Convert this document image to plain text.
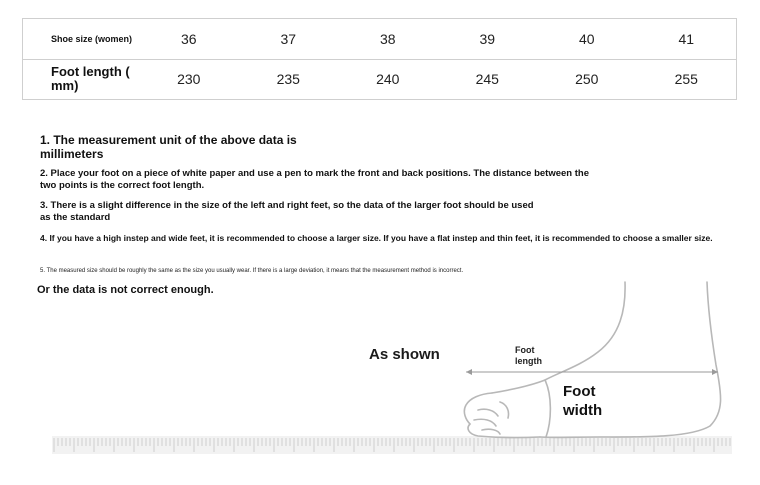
Shoe size (women)	36	37	38	39	40	41
Foot length ( mm)	230	235	240	245	250	255
1. The measurement unit of the above data is millimeters
2. Place your foot on a piece of white paper and use a pen to mark the front and back positions. The distance between the two points is the correct foot length.
3. There is a slight difference in the size of the left and right feet, so the data of the larger foot should be used as the standard
4. If you have a high instep and wide feet, it is recommended to choose a larger size. If you have a flat instep and thin feet, it is recommended to choose a smaller size.
5. The measured size should be roughly the same as the size you usually wear. If there is a large deviation, it means that the measurement method is incorrect.
Or the data is not correct enough.
As shown	Foot length
Foot width
